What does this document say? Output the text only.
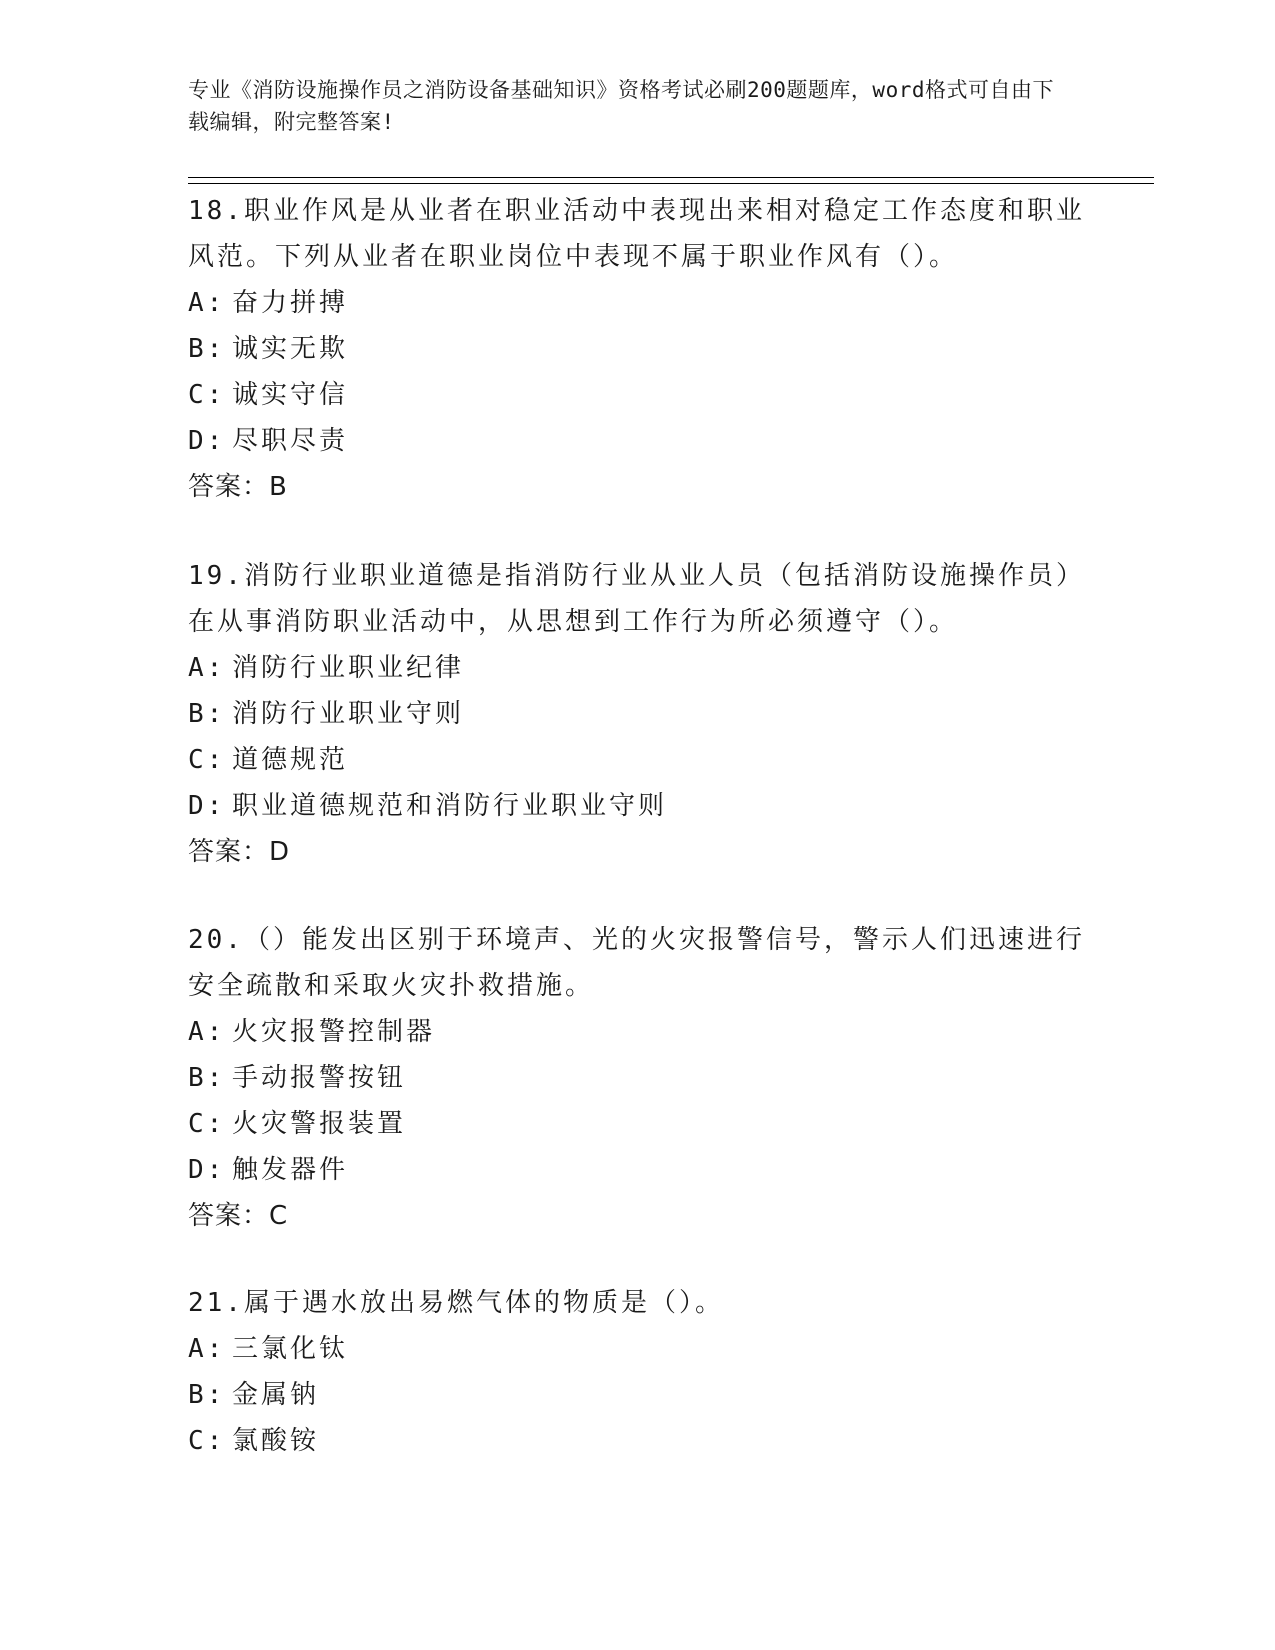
专业《消防设施操作员之消防设备基础知识》资格考试必刷200题题库，word格式可自由下载编辑，附完整答案!
18.职业作风是从业者在职业活动中表现出来相对稳定工作态度和职业风范。下列从业者在职业岗位中表现不属于职业作风有（）。
A: 奋力拼搏
B: 诚实无欺
C: 诚实守信
D: 尽职尽责
答案：B
19.消防行业职业道德是指消防行业从业人员（包括消防设施操作员）在从事消防职业活动中，从思想到工作行为所必须遵守（）。
A: 消防行业职业纪律
B: 消防行业职业守则
C: 道德规范
D: 职业道德规范和消防行业职业守则
答案：D
20.（）能发出区别于环境声、光的火灾报警信号，警示人们迅速进行安全疏散和采取火灾扑救措施。
A: 火灾报警控制器
B: 手动报警按钮
C: 火灾警报装置
D: 触发器件
答案：C
21.属于遇水放出易燃气体的物质是（）。
A: 三氯化钛
B: 金属钠
C: 氯酸铵
